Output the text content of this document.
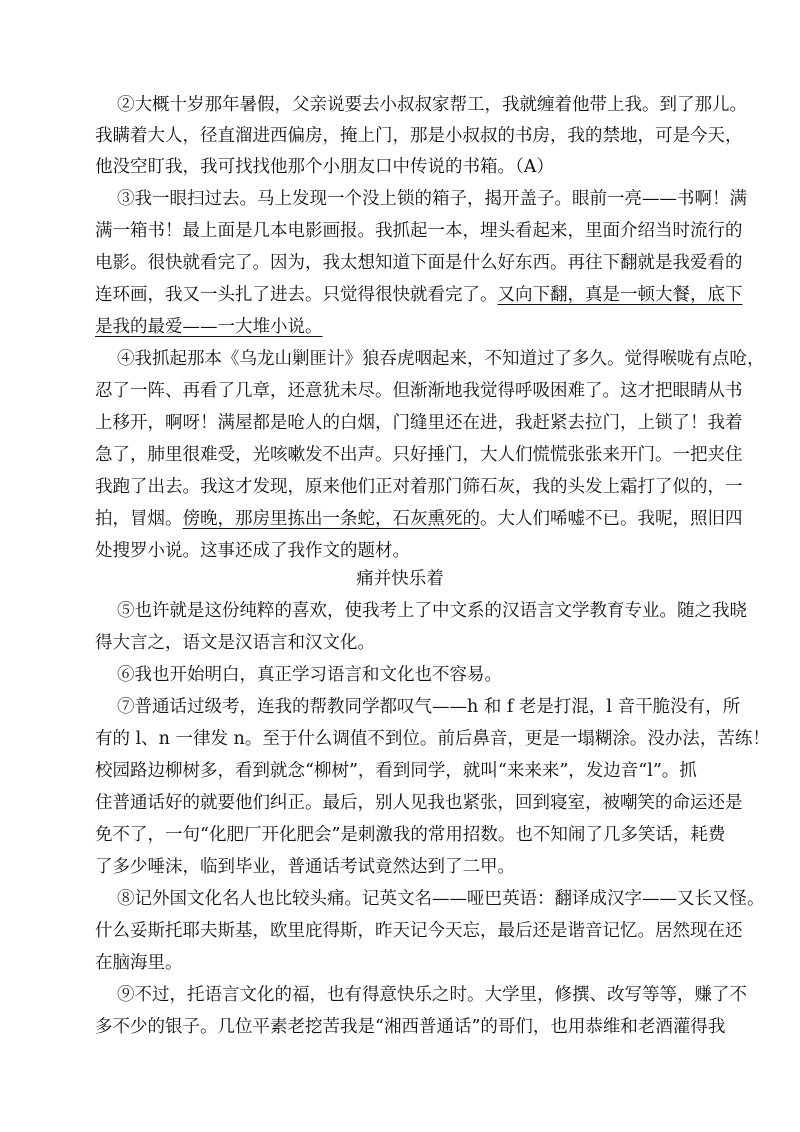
②大概十岁那年暑假，父亲说要去小叔叔家帮工，我就缠着他带上我。到了那儿。
我瞒着大人，径直溜进西偏房，掩上门，那是小叔叔的书房，我的禁地，可是今天，
他没空盯我，我可找找他那个小朋友口中传说的书箱。（A）
③我一眼扫过去。马上发现一个没上锁的箱子，揭开盖子。眼前一亮——书啊！满
满一箱书！最上面是几本电影画报。我抓起一本，埋头看起来，里面介绍当时流行的
电影。很快就看完了。因为，我太想知道下面是什么好东西。再往下翻就是我爱看的
连环画，我又一头扎了进去。只觉得很快就看完了。又向下翻，真是一顿大餐，底下
是我的最爱——一大堆小说。
④我抓起那本《乌龙山剿匪计》狼吞虎咽起来，不知道过了多久。觉得喉咙有点呛，
忍了一阵、再看了几章，还意犹未尽。但渐渐地我觉得呼吸困难了。这才把眼睛从书
上移开，啊呀！满屋都是呛人的白烟，门缝里还在进，我赶紧去拉门，上锁了！我着
急了，肺里很难受，光咳嗽发不出声。只好捶门，大人们慌慌张张来开门。一把夹住
我跑了出去。我这才发现，原来他们正对着那门筛石灰，我的头发上霜打了似的，一
拍，冒烟。傍晚，那房里拣出一条蛇，石灰熏死的。大人们唏嘘不已。我呢，照旧四
处搜罗小说。这事还成了我作文的题材。
痛并快乐着
⑤也许就是这份纯粹的喜欢，使我考上了中文系的汉语言文学教育专业。随之我晓
得大言之，语文是汉语言和汉文化。
⑥我也开始明白，真正学习语言和文化也不容易。
⑦普通话过级考，连我的帮教同学都叹气——h 和 f 老是打混，l 音干脆没有，所
有的 l、n 一律发 n。至于什么调值不到位。前后鼻音，更是一塌糊涂。没办法，苦练！
校园路边柳树多，看到就念“柳树”，看到同学，就叫“来来来”，发边音“l”。抓
住普通话好的就要他们纠正。最后，别人见我也紧张，回到寝室，被嘲笑的命运还是
免不了，一句“化肥厂开化肥会”是刺激我的常用招数。也不知闹了几多笑话，耗费
了多少唾沫，临到毕业，普通话考试竟然达到了二甲。
⑧记外国文化名人也比较头痛。记英文名——哑巴英语：翻译成汉字——又长又怪。
什么妥斯托耶夫斯基，欧里庇得斯，昨天记今天忘，最后还是谐音记忆。居然现在还
在脑海里。
⑨不过，托语言文化的福，也有得意快乐之时。大学里，修撰、改写等等，赚了不
多不少的银子。几位平素老挖苦我是“湘西普通话”的哥们，也用恭维和老酒灌得我
